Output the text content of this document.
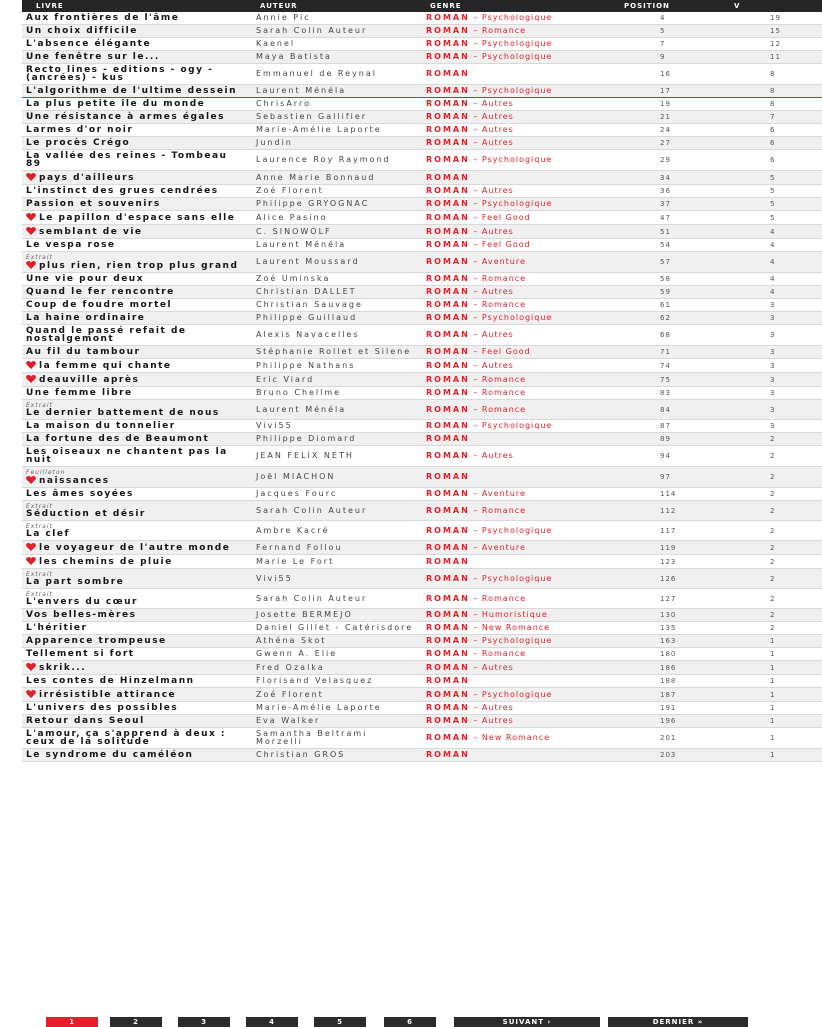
LIVRE	AUTEUR	GENRE	POSITION	V

Aux frontières de l'âme	Annie Pic	ROMAN – Psychologique	4	19

Un choix difficile	Sarah Colin Auteur	ROMAN – Romance	5	15

L'absence élégante	Kaenel	ROMAN – Psychologique	7	12

Une fenêtre sur le...	Maya Batista	ROMAN – Psychologique	9	11

Recto lines - editions - ogy - (ancrées) - kus	Emmanuel de Reynal	ROMAN	16	8

L'algorithme de l'ultime dessein	Laurent Ménéla	ROMAN – Psychologique	17	8

La plus petite île du monde	ChrisArro	ROMAN – Autres	19	8

Une résistance à armes égales	Sebastien Gallifier	ROMAN – Autres	21	7

Larmes d'or noir	Marie-Amélie Laporte	ROMAN – Autres	24	6

Le procès Crégo	Jundin	ROMAN – Autres	27	6

La vallée des reines - Tombeau 89	Laurence Roy Raymond	ROMAN – Psychologique	29	6

pays d'ailleurs	Anne Marie Bonnaud	ROMAN	34	5

L'instinct des grues cendrées	Zoé Florent	ROMAN – Autres	36	5

Passion et souvenirs	Philippe GRYOGNAC	ROMAN – Psychologique	37	5

Le papillon d'espace sans elle	Alice Pasino	ROMAN – Feel Good	47	5

semblant de vie	C. SINOWOLF	ROMAN – Autres	51	4

Le vespa rose	Laurent Ménéla	ROMAN – Feel Good	54	4

Extrait
plus rien, rien trop plus grand	Laurent Moussard	ROMAN – Aventure	57	4

Une vie pour deux	Zoé Uminska	ROMAN – Romance	58	4

Quand le fer rencontre	Christian DALLET	ROMAN – Autres	59	4

Coup de foudre mortel	Christian Sauvage	ROMAN – Romance	61	3

La haine ordinaire	Philippe Guillaud	ROMAN – Psychologique	62	3

Quand le passé refait de nostalgemont	Alexis Navacelles	ROMAN – Autres	68	3

Au fil du tambour	Stéphanie Rollet et Silene	ROMAN – Feel Good	71	3

la femme qui chante	Philippe Nathans	ROMAN – Autres	74	3

deauville après	Eric Viard	ROMAN – Romance	75	3

Une femme libre	Bruno Chellme	ROMAN – Romance	83	3

Extrait
Le dernier battement de nous	Laurent Ménéla	ROMAN – Romance	84	3

La maison du tonnelier	Vivi55	ROMAN – Psychologique	87	3

La fortune des de Beaumont	Philippe Diomard	ROMAN	89	2

Les oiseaux ne chantent pas la nuit	JEAN FELIX NETH	ROMAN – Autres	94	2

Feuilleton
naissances	Joël MIACHON	ROMAN	97	2

Les âmes soyées	Jacques Fourc	ROMAN – Aventure	114	2

Extrait
Séduction et désir	Sarah Colin Auteur	ROMAN – Romance	112	2

Extrait
La clef	Ambre Kacré	ROMAN – Psychologique	117	2

le voyageur de l'autre monde	Fernand Follou	ROMAN – Aventure	119	2

les chemins de pluie	Marie Le Fort	ROMAN	123	2

Extrait
La part sombre	Vivi55	ROMAN – Psychologique	126	2

Extrait
L'envers du cœur	Sarah Colin Auteur	ROMAN – Romance	127	2

Vos belles-mères	Josette BERMEJO	ROMAN – Humoristique	130	2

L'héritier	Daniel Gillet - Catérisdore	ROMAN – New Romance	135	2

Apparence trompeuse	Athéna Skot	ROMAN – Psychologique	163	1

Tellement si fort	Gwenn A. Elie	ROMAN – Romance	180	1

skrik...	Fred Ozalka	ROMAN – Autres	186	1

Les contes de Hinzelmann	Florisand Velasquez	ROMAN	188	1

irrésistible attirance	Zoé Florent	ROMAN – Psychologique	187	1

L'univers des possibles	Marie-Amélie Laporte	ROMAN – Autres	191	1

Retour dans Seoul	Eva Walker	ROMAN – Autres	196	1

L'amour, ça s'apprend à deux : ceux de la solitude	Samantha Beltrami Morzelli	ROMAN – New Romance	201	1

Le syndrome du caméléon	Christian GROS	ROMAN	203	1
1	2	3	4	5	6	SUIVANT ›	DERNIER »
